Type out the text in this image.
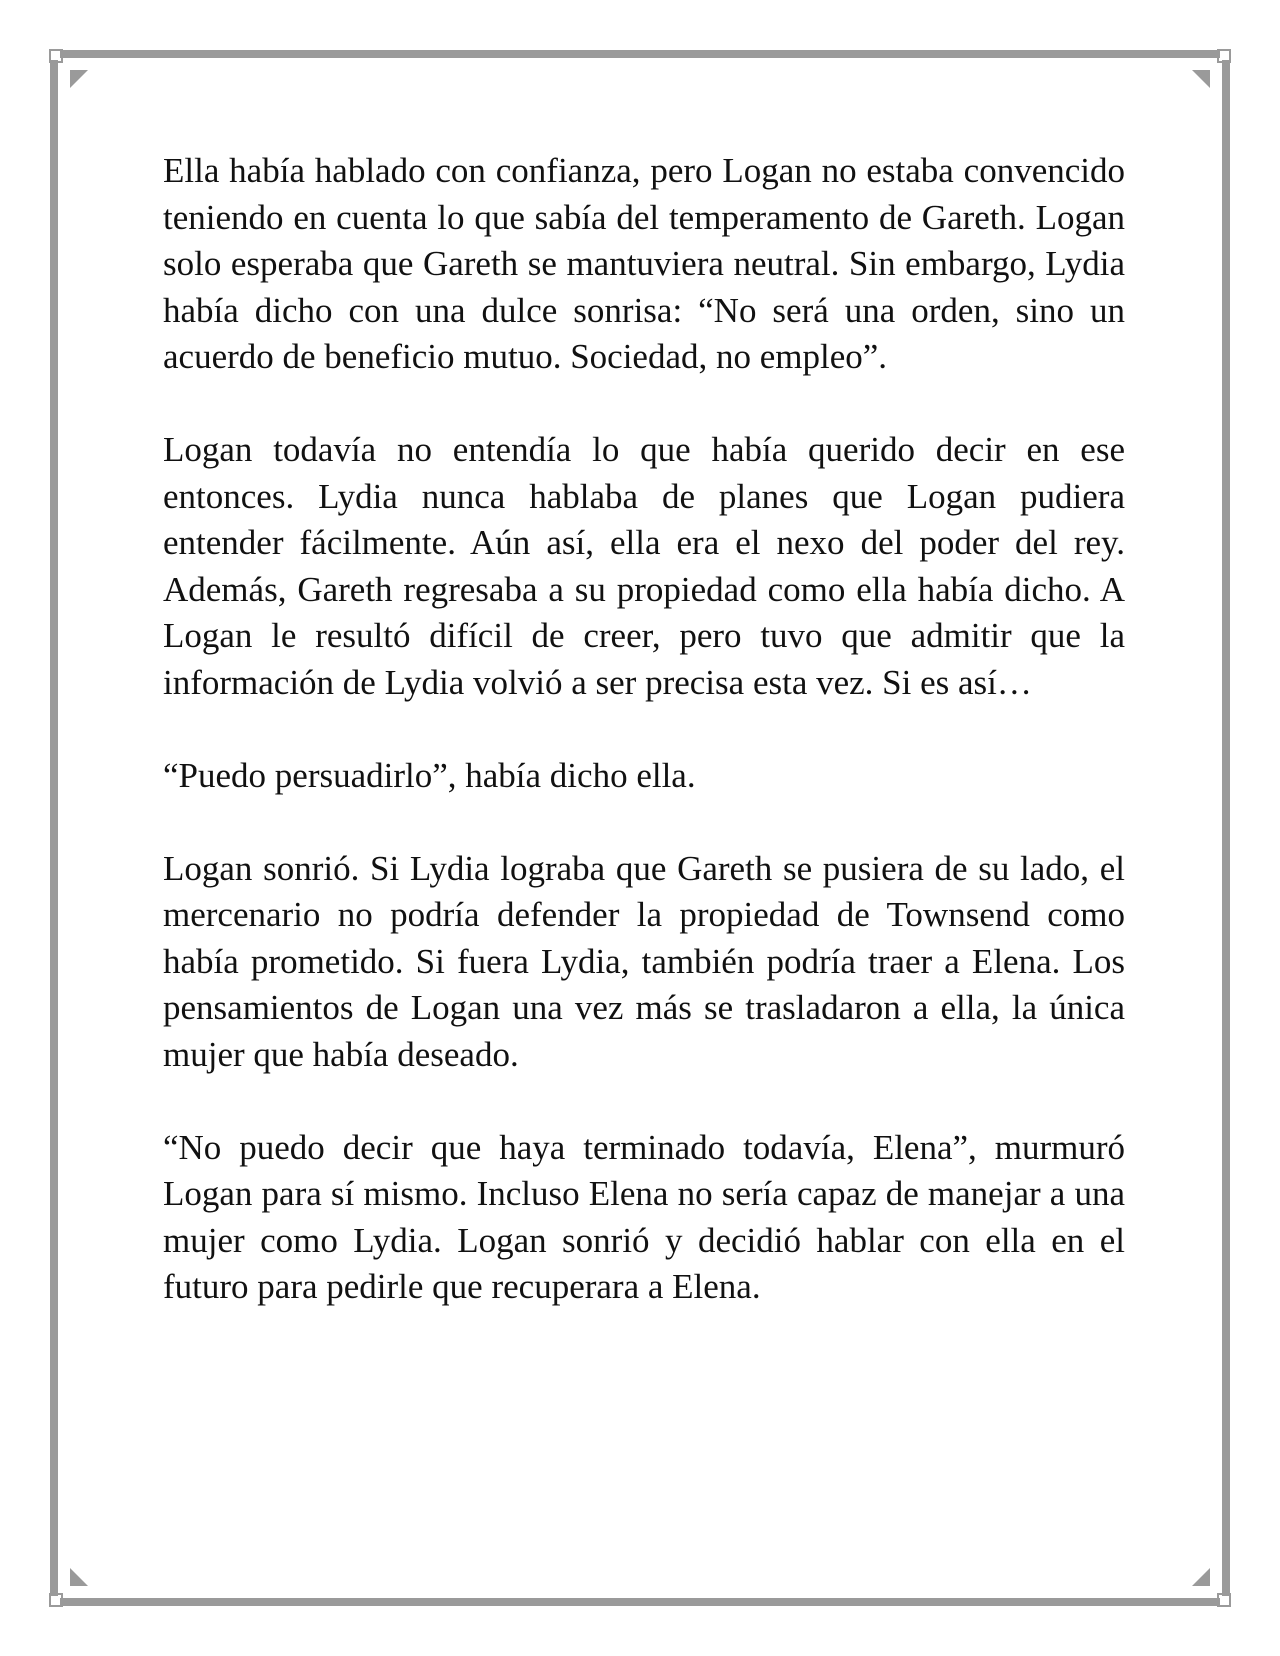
Ella había hablado con confianza, pero Logan no estaba convencido teniendo en cuenta lo que sabía del temperamento de Gareth. Logan solo esperaba que Gareth se mantuviera neutral. Sin embargo, Lydia había dicho con una dulce sonrisa: “No será una orden, sino un acuerdo de beneficio mutuo. Sociedad, no empleo”.

Logan todavía no entendía lo que había querido decir en ese entonces. Lydia nunca hablaba de planes que Logan pudiera entender fácilmente. Aún así, ella era el nexo del poder del rey. Además, Gareth regresaba a su propiedad como ella había dicho. A Logan le resultó difícil de creer, pero tuvo que admitir que la información de Lydia volvió a ser precisa esta vez. Si es así…

“Puedo persuadirlo”, había dicho ella.

Logan sonrió. Si Lydia lograba que Gareth se pusiera de su lado, el mercenario no podría defender la propiedad de Townsend como había prometido. Si fuera Lydia, también podría traer a Elena. Los pensamientos de Logan una vez más se trasladaron a ella, la única mujer que había deseado.

“No puedo decir que haya terminado todavía, Elena”, murmuró Logan para sí mismo. Incluso Elena no sería capaz de manejar a una mujer como Lydia. Logan sonrió y decidió hablar con ella en el futuro para pedirle que recuperara a Elena.
